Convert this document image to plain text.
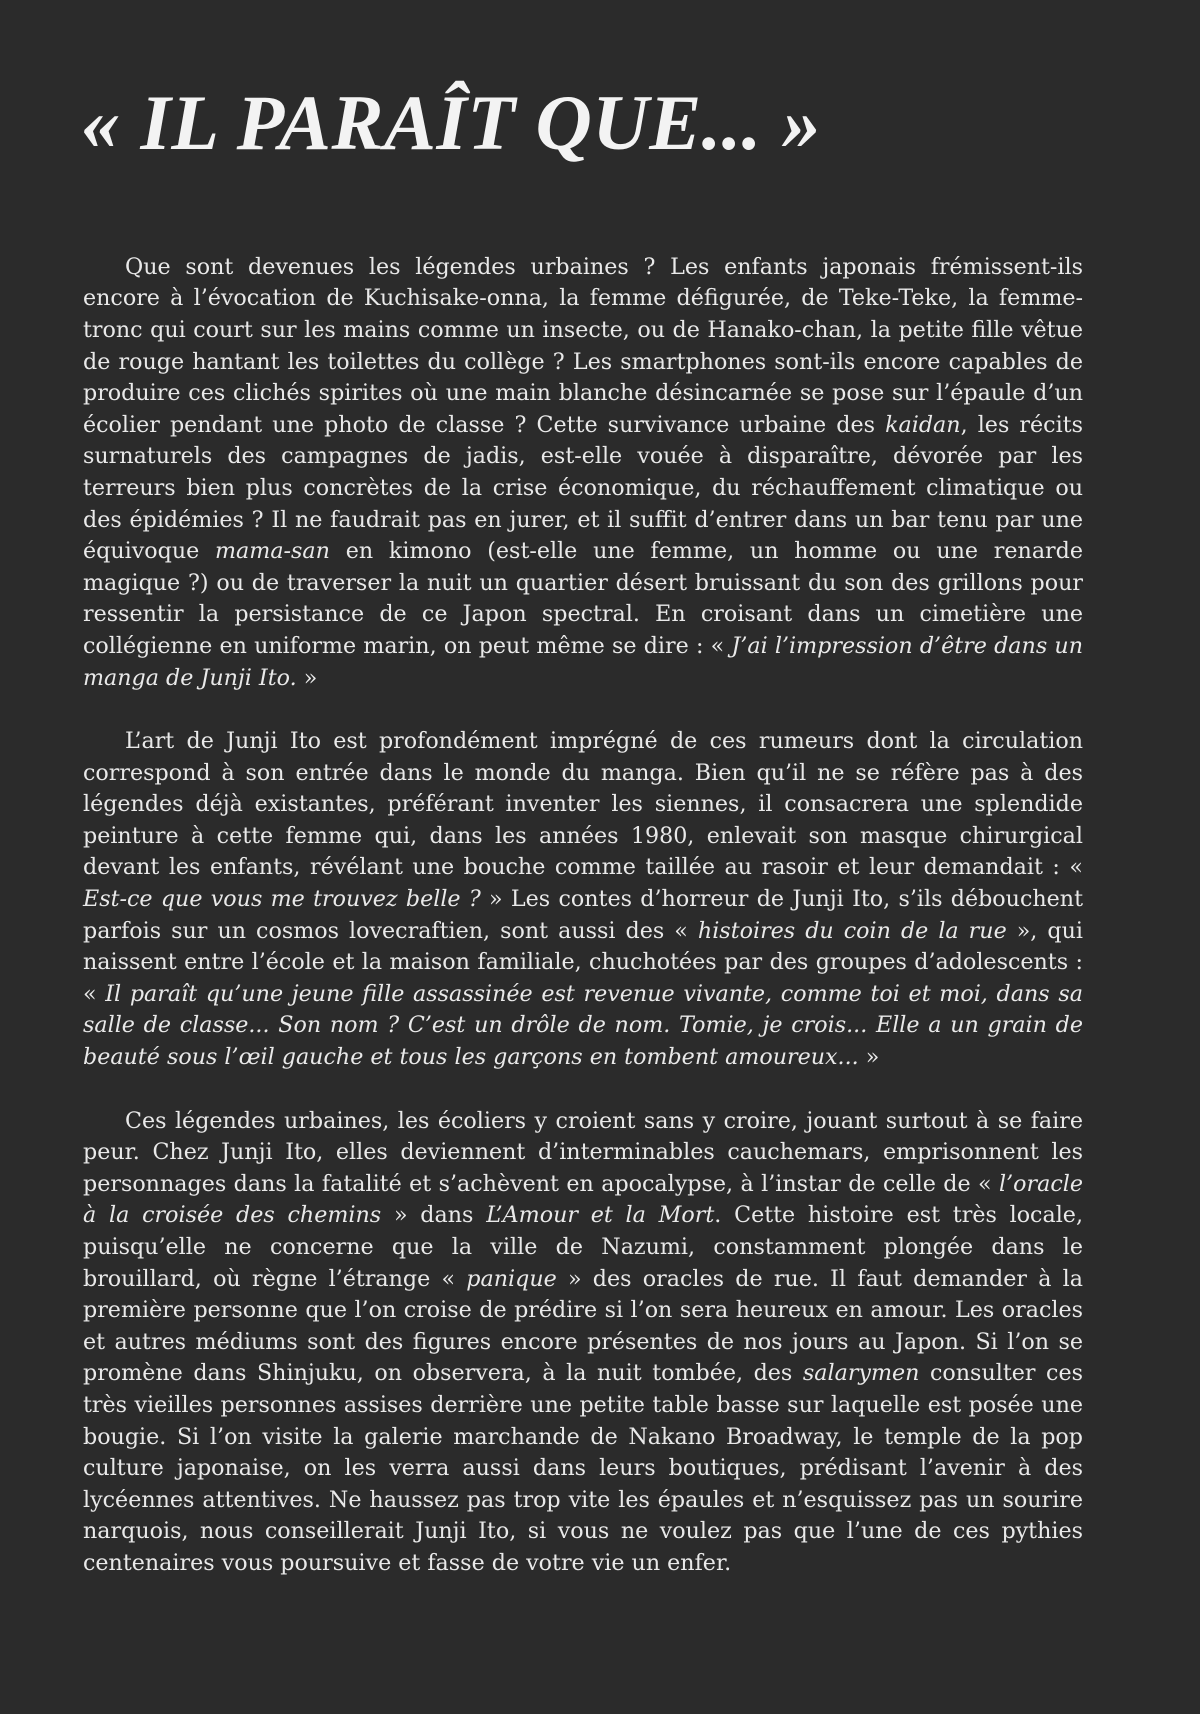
« IL PARAÎT QUE... »

Que sont devenues les légendes urbaines ? Les enfants japonais frémissent-ils encore à l’évocation de Kuchisake-onna, la femme défigurée, de Teke-Teke, la femme-tronc qui court sur les mains comme un insecte, ou de Hanako-chan, la petite fille vêtue de rouge hantant les toilettes du collège ? Les smartphones sont-ils encore capables de produire ces clichés spirites où une main blanche désincarnée se pose sur l’épaule d’un écolier pendant une photo de classe ? Cette survivance urbaine des kaidan, les récits surnaturels des campagnes de jadis, est-elle vouée à disparaître, dévorée par les terreurs bien plus concrètes de la crise économique, du réchauffement climatique ou des épidémies ? Il ne faudrait pas en jurer, et il suffit d’entrer dans un bar tenu par une équivoque mama-san en kimono (est-elle une femme, un homme ou une renarde magique ?) ou de traverser la nuit un quartier désert bruissant du son des grillons pour ressentir la persistance de ce Japon spectral. En croisant dans un cimetière une collégienne en uniforme marin, on peut même se dire : « J’ai l’impression d’être dans un manga de Junji Ito. »

L’art de Junji Ito est profondément imprégné de ces rumeurs dont la circulation correspond à son entrée dans le monde du manga. Bien qu’il ne se réfère pas à des légendes déjà existantes, préférant inventer les siennes, il consacrera une splendide peinture à cette femme qui, dans les années 1980, enlevait son masque chirurgical devant les enfants, révélant une bouche comme taillée au rasoir et leur demandait : « Est-ce que vous me trouvez belle ? » Les contes d’horreur de Junji Ito, s’ils débouchent parfois sur un cosmos lovecraftien, sont aussi des « histoires du coin de la rue », qui naissent entre l’école et la maison familiale, chuchotées par des groupes d’adolescents : « Il paraît qu’une jeune fille assassinée est revenue vivante, comme toi et moi, dans sa salle de classe... Son nom ? C’est un drôle de nom. Tomie, je crois... Elle a un grain de beauté sous l’œil gauche et tous les garçons en tombent amoureux... »

Ces légendes urbaines, les écoliers y croient sans y croire, jouant surtout à se faire peur. Chez Junji Ito, elles deviennent d’interminables cauchemars, emprisonnent les personnages dans la fatalité et s’achèvent en apocalypse, à l’instar de celle de « l’oracle à la croisée des chemins » dans L’Amour et la Mort. Cette histoire est très locale, puisqu’elle ne concerne que la ville de Nazumi, constamment plongée dans le brouillard, où règne l’étrange « panique » des oracles de rue. Il faut demander à la première personne que l’on croise de prédire si l’on sera heureux en amour. Les oracles et autres médiums sont des figures encore présentes de nos jours au Japon. Si l’on se promène dans Shinjuku, on observera, à la nuit tombée, des salarymen consulter ces très vieilles personnes assises derrière une petite table basse sur laquelle est posée une bougie. Si l’on visite la galerie marchande de Nakano Broadway, le temple de la pop culture japonaise, on les verra aussi dans leurs boutiques, prédisant l’avenir à des lycéennes attentives. Ne haussez pas trop vite les épaules et n’esquissez pas un sourire narquois, nous conseillerait Junji Ito, si vous ne voulez pas que l’une de ces pythies centenaires vous poursuive et fasse de votre vie un enfer.
